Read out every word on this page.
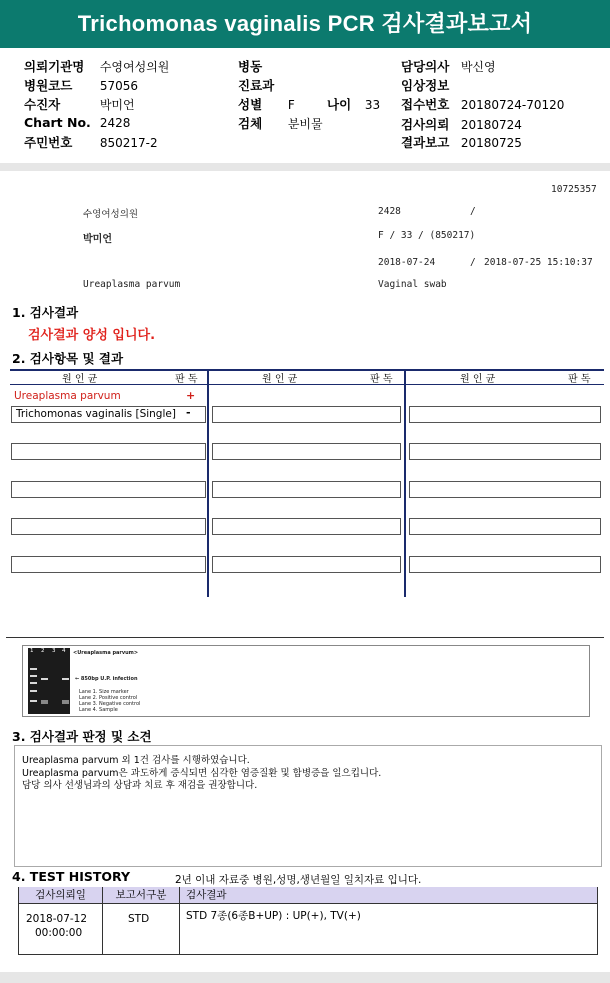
Trichomonas vaginalis PCR 검사결과보고서
의뢰기관명 수영여성의원
병원코드 57056
수진자	박미언
Chart No. 2428
주민번호 850217-2
병동
진료과
성별 F	나이 33
검체 분비물
담당의사 박신영
임상정보
접수번호 20180724-70120
검사의뢰 20180724
결과보고 20180725
10725357
수영여성의원	2428	/
박미언	F / 33 / (850217)
2018-07-24	/ 2018-07-25 15:10:37
Ureaplasma parvum	Vaginal swab
1. 검사결과
검사결과 양성 입니다.
2. 검사항목 및 결과
원 인 균	판 독	원 인 균	판 독	원 인 균	판 독
Ureaplasma parvum	+
Trichomonas vaginalis [Single] -
1 2 3 4 <Ureaplasma parvum>
← 850bp U.P. infection
Lane 1. Size marker
Lane 2. Positive control
Lane 3. Negative control
Lane 4. Sample
3. 검사결과 판정 및 소견
Ureaplasma parvum 외 1건 검사를 시행하였습니다.
Ureaplasma parvum은 과도하게 증식되면 심각한 염증질환 및 합병증을 일으킵니다.
담당 의사 선생님과의 상담과 치료 후 재검을 권장합니다.
4. TEST HISTORY	2년 이내 자료중 병원,성명,생년월일 일치자료 입니다.
검사의뢰일	보고서구분	검사결과
2018-07-12
00:00:00
STD	STD 7종(6종B+UP) : UP(+), TV(+)
